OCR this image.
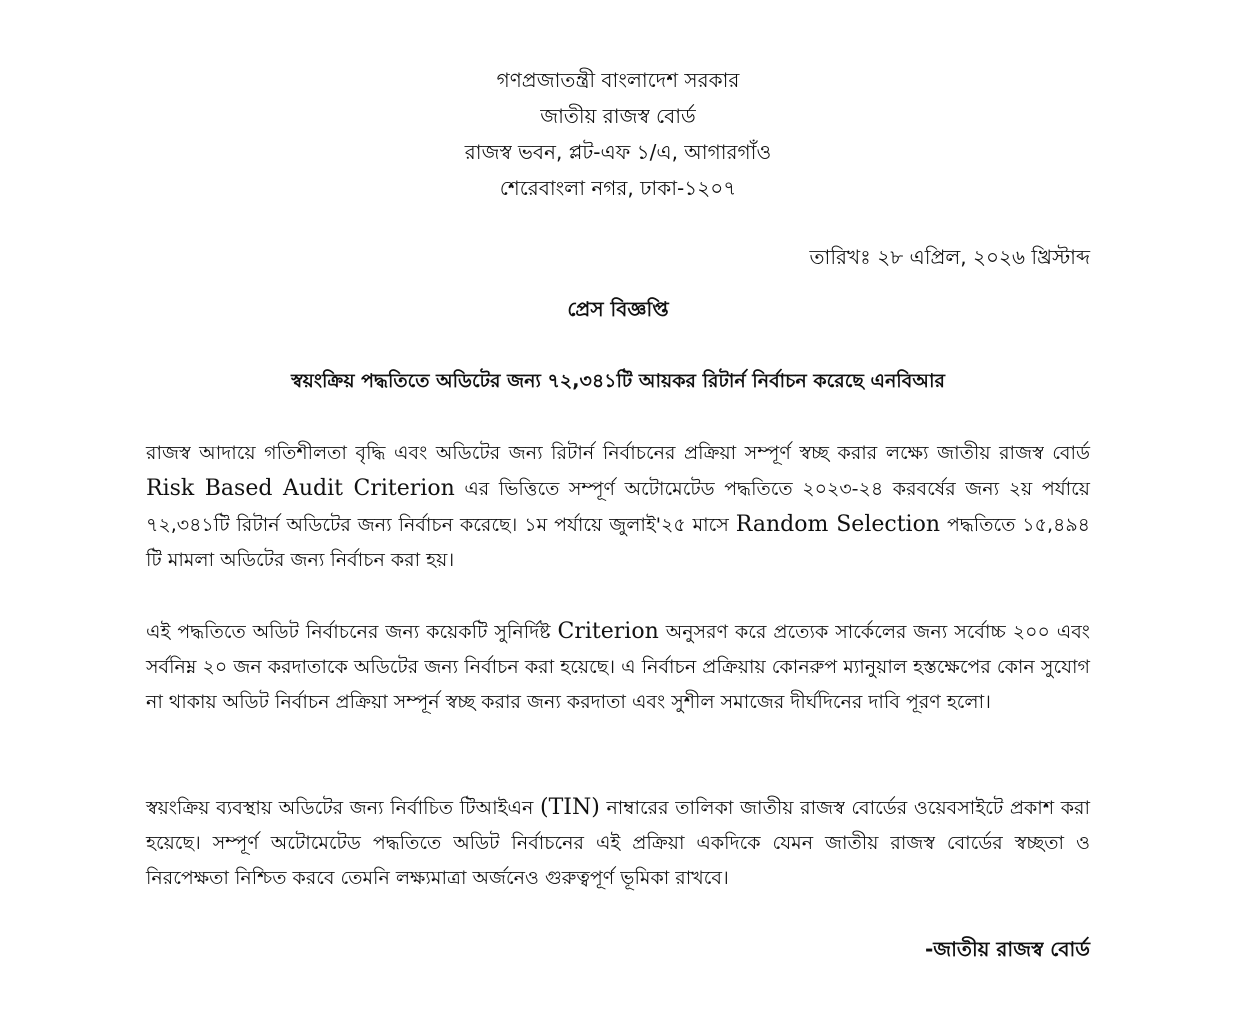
গণপ্রজাতন্ত্রী বাংলাদেশ সরকার
জাতীয় রাজস্ব বোর্ড
রাজস্ব ভবন, প্লট-এফ ১/এ, আগারগাঁও
শেরেবাংলা নগর, ঢাকা-১২০৭
তারিখঃ ২৮ এপ্রিল, ২০২৬ খ্রিস্টাব্দ
প্রেস বিজ্ঞপ্তি
স্বয়ংক্রিয় পদ্ধতিতে অডিটের জন্য ৭২,৩৪১টি আয়কর রিটার্ন নির্বাচন করেছে এনবিআর

রাজস্ব আদায়ে গতিশীলতা বৃদ্ধি এবং অডিটের জন্য রিটার্ন নির্বাচনের প্রক্রিয়া সম্পূর্ণ স্বচ্ছ করার লক্ষ্যে জাতীয় রাজস্ব বোর্ড Risk Based Audit Criterion এর ভিত্তিতে সম্পূর্ণ অটোমেটেড পদ্ধতিতে ২০২৩-২৪ করবর্ষের জন্য ২য় পর্যায়ে ৭২,৩৪১টি রিটার্ন অডিটের জন্য নির্বাচন করেছে। ১ম পর্যায়ে জুলাই'২৫ মাসে Random Selection পদ্ধতিতে ১৫,৪৯৪ টি মামলা অডিটের জন্য নির্বাচন করা হয়।

এই পদ্ধতিতে অডিট নির্বাচনের জন্য কয়েকটি সুনির্দিষ্ট Criterion অনুসরণ করে প্রত্যেক সার্কেলের জন্য সর্বোচ্চ ২০০ এবং সর্বনিম্ন ২০ জন করদাতাকে অডিটের জন্য নির্বাচন করা হয়েছে। এ নির্বাচন প্রক্রিয়ায় কোনরুপ ম্যানুয়াল হস্তক্ষেপের কোন সুযোগ না থাকায় অডিট নির্বাচন প্রক্রিয়া সম্পূর্ন স্বচ্ছ করার জন্য করদাতা এবং সুশীল সমাজের দীর্ঘদিনের দাবি পূরণ হলো।

স্বয়ংক্রিয় ব্যবস্থায় অডিটের জন্য নির্বাচিত টিআইএন (TIN) নাম্বারের তালিকা জাতীয় রাজস্ব বোর্ডের ওয়েবসাইটে প্রকাশ করা হয়েছে। সম্পূর্ণ অটোমেটেড পদ্ধতিতে অডিট নির্বাচনের এই প্রক্রিয়া একদিকে যেমন জাতীয় রাজস্ব বোর্ডের স্বচ্ছতা ও নিরপেক্ষতা নিশ্চিত করবে তেমনি লক্ষ্যমাত্রা অর্জনেও গুরুত্বপূর্ণ ভূমিকা রাখবে।

-জাতীয় রাজস্ব বোর্ড
